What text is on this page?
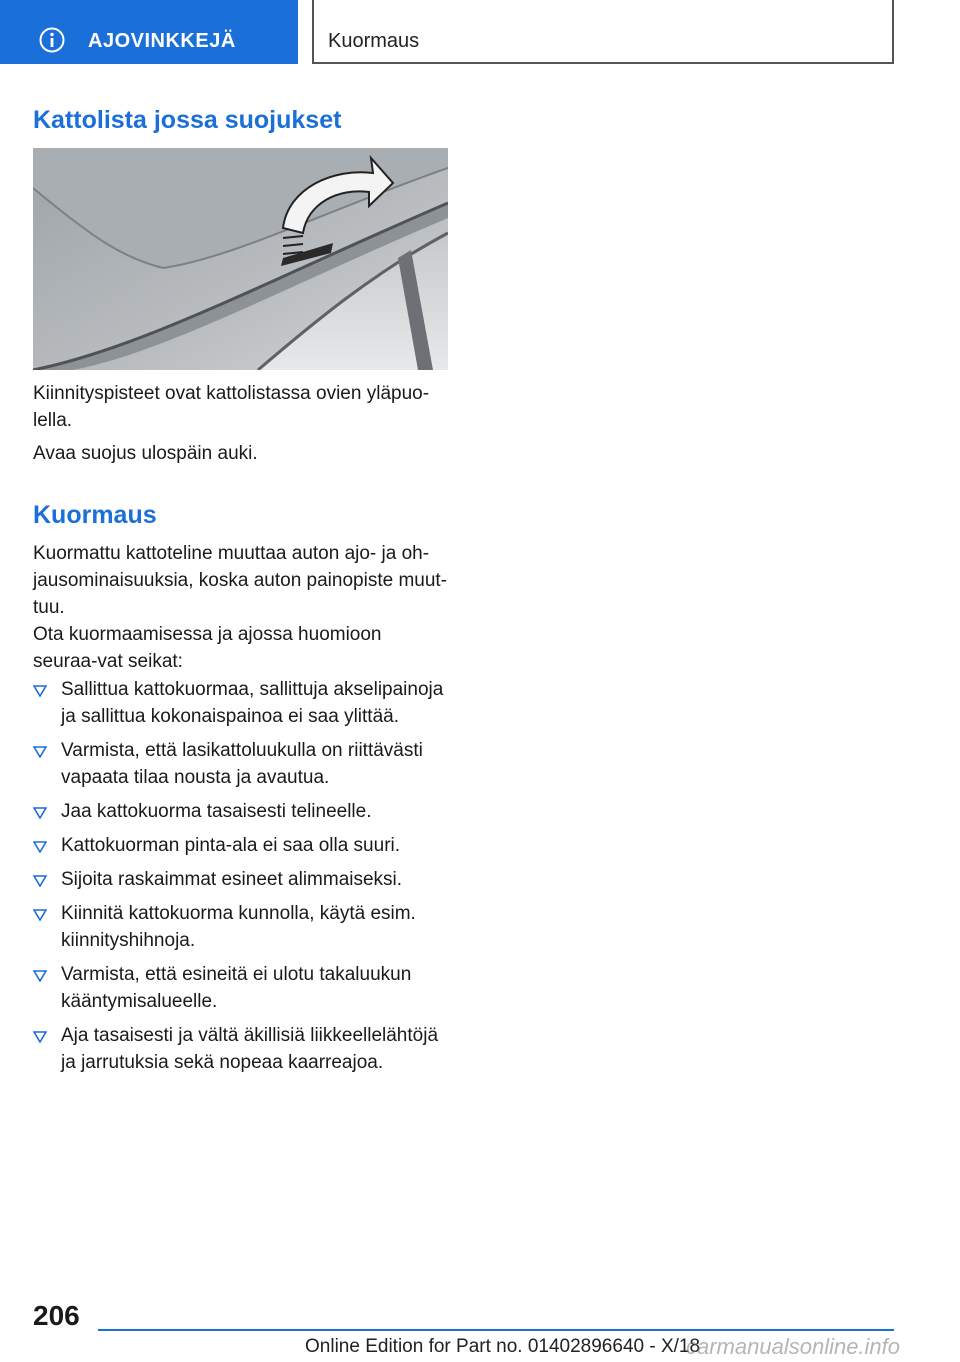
AJOVINKKEJÄ	Kuormaus
Kattolista jossa suojukset

Kiinnityspisteet ovat kattolistassa ovien yläpuo-lella.

Avaa suojus ulospäin auki.

Kuormaus

Kuormattu kattoteline muuttaa auton ajo- ja oh-jausominaisuuksia, koska auton painopiste muut-tuu.

Ota kuormaamisessa ja ajossa huomioon seuraa-vat seikat:

Sallittua kattokuormaa, sallittuja akselipainoja ja sallittua kokonaispainoa ei saa ylittää.
Varmista, että lasikattoluukulla on riittävästi vapaata tilaa nousta ja avautua.
Jaa kattokuorma tasaisesti telineelle.
Kattokuorman pinta-ala ei saa olla suuri.
Sijoita raskaimmat esineet alimmaiseksi.
Kiinnitä kattokuorma kunnolla, käytä esim. kiinnityshihnoja.
Varmista, että esineitä ei ulotu takaluukun kääntymisalueelle.
Aja tasaisesti ja vältä äkillisiä liikkeellelähtöjä ja jarrutuksia sekä nopeaa kaarreajoa.
206
Online Edition for Part no. 01402896640 - X/18
carmanualsonline.info
